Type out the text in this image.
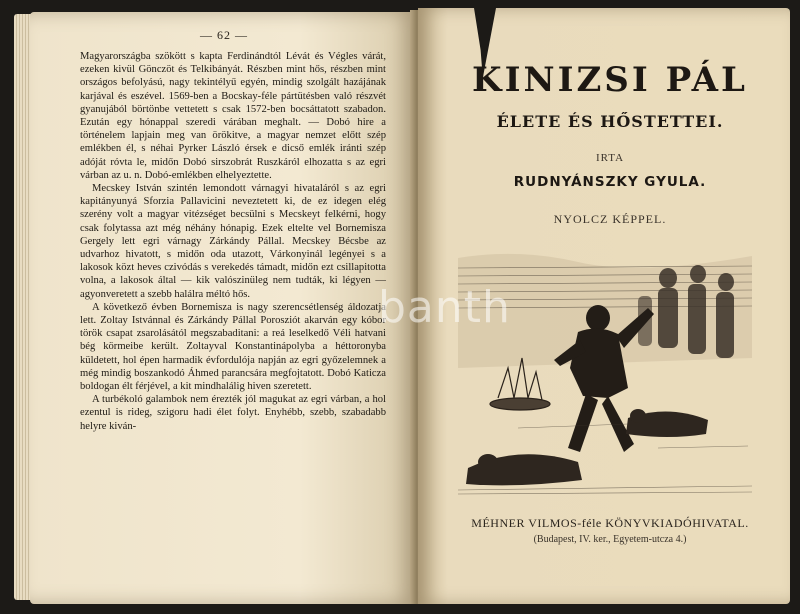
— 62 —

Magyarországba szökött s kapta Ferdinándtól Lévát és Végles várát, ezeken kivül Gönczöt és Telkibányát. Részben mint hős, részben mint országos befolyású, nagy tekintélyű egyén, mindig szolgált hazájának karjával és eszével. 1569-ben a Bocskay-féle pártütésben való részvét gyanujából börtönbe vettetett s csak 1572-ben bocsáttatott szabadon. Ezután egy hónappal szeredi várában meghalt. — Dobó hire a történelem lapjain meg van örökitve, a magyar nemzet előtt szép emlékben él, s néhai Pyrker László érsek e dicső emlék iránti szép adóját róvta le, midőn Dobó sirszobrát Ruszkáról elhozatta s az egri várban az u. n. Dobó-emlékben elhelyeztette.

Mecskey István szintén lemondott várnagyi hivataláról s az egri kapitányunyá Sforzia Pallavicini neveztetett ki, de ez idegen elég szerény volt a magyar vitézséget becsülni s Mecskeyt felkérni, hogy csak folytassa azt még néhány hónapig. Ezek eltelte vel Bornemisza Gergely lett egri várnagy Zárkándy Pállal. Mecskey Bécsbe az udvarhoz hivatott, s midőn oda utazott, Várkonyinál legényei s a lakosok közt heves czivódás s verekedés támadt, midőn ezt csillapitotta volna, a lakosok által — kik valószinüleg nem tudták, ki légyen — agyonveretett a szebb halálra méltó hős.

A következő évben Bornemisza is nagy szerencsétlenség áldozatja lett. Zoltay Istvánnal és Zárkándy Pállal Porosziót akarván egy kóbor török csapat zsarolásától megszabaditani: a reá leselkedő Véli hatvani bég körmeibe került. Zoltayval Konstantinápolyba a héttoronyba küldetett, hol épen harmadik évfordulója napján az egri győzelemnek a még mindig boszankodó Áhmed parancsára megfojtatott. Dobó Katicza boldogan élt férjével, a kit mindhalálig hiven szeretett.

A turbékoló galambok nem érezték jól magukat az egri várban, a hol ezentul is rideg, szigoru hadi élet folyt. Enyhébb, szebb, szabadabb helyre kiván-

KINIZSI PÁL
ÉLETE ÉS HŐSTETTEI.
IRTA
RUDNYÁNSZKY GYULA.
NYOLCZ KÉPPEL.
MÉHNER VILMOS-féle KÖNYVKIADÓHIVATAL.
(Budapest, IV. ker., Egyetem-utcza 4.)
banth
